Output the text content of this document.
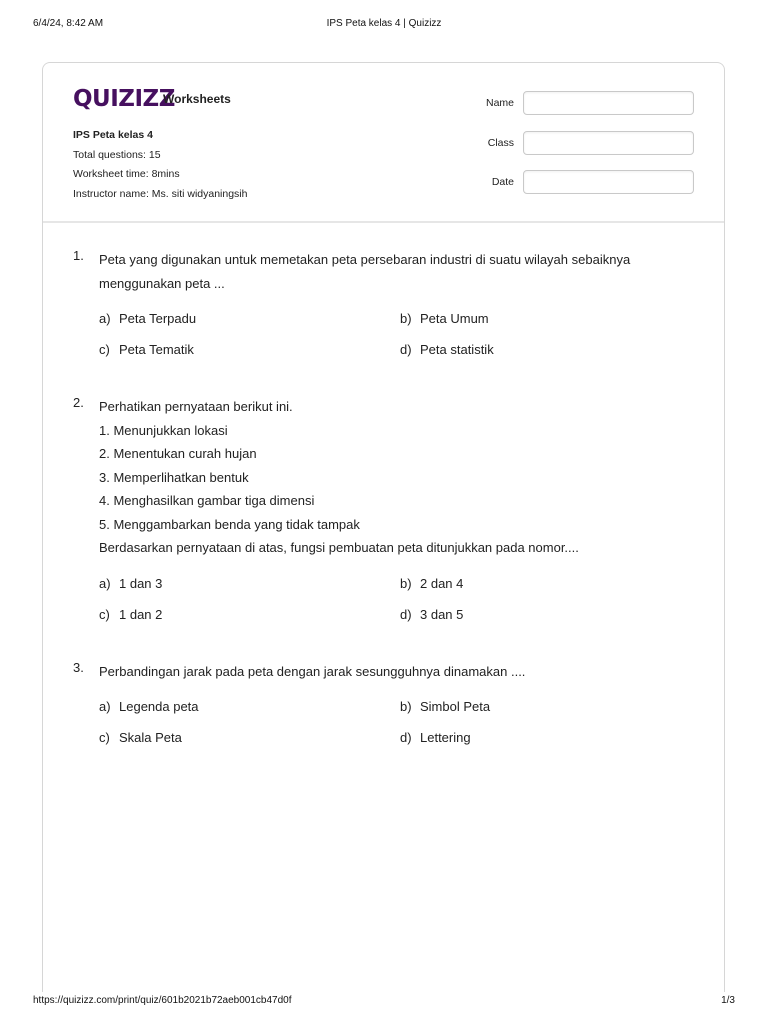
6/4/24, 8:42 AM	IPS Peta kelas 4 | Quizizz
QUIZIZZ
Worksheets
IPS Peta kelas 4
Total questions: 15
Worksheet time: 8mins
Instructor name: Ms. siti widyaningsih
Name
Class
Date
1. Peta yang digunakan untuk memetakan peta persebaran industri di suatu wilayah sebaiknya menggunakan peta ...
a) Peta Terpadu	b) Peta Umum
c) Peta Tematik	d) Peta statistik
2. Perhatikan pernyataan berikut ini.
1. Menunjukkan lokasi
2. Menentukan curah hujan
3. Memperlihatkan bentuk
4. Menghasilkan gambar tiga dimensi
5. Menggambarkan benda yang tidak tampak
Berdasarkan pernyataan di atas, fungsi pembuatan peta ditunjukkan pada nomor....
a) 1 dan 3	b) 2 dan 4
c) 1 dan 2	d) 3 dan 5
3. Perbandingan jarak pada peta dengan jarak sesungguhnya dinamakan ....
a) Legenda peta	b) Simbol Peta
c) Skala Peta	d) Lettering
https://quizizz.com/print/quiz/601b2021b72aeb001cb47d0f	1/3
